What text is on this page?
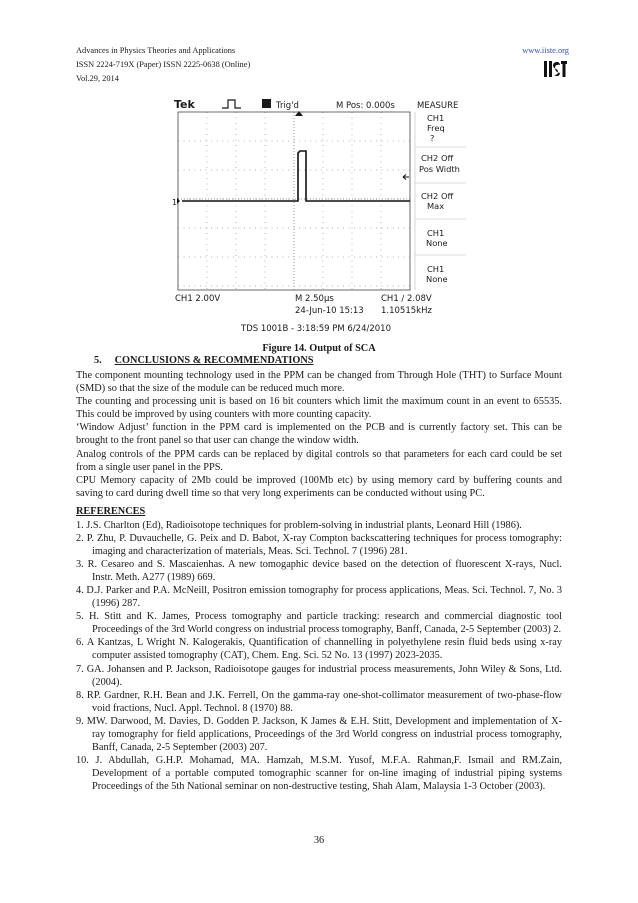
Advances in Physics Theories and Applications
ISSN 2224-719X (Paper) ISSN 2225-0638 (Online)
Vol.29, 2014
www.iiste.org
Tek	Trig'd	M Pos: 0.000s	MEASURE
1
CH1
Freq
?
CH2 Off
Pos Width
CH2 Off
Max
CH1
None
CH1
None
CH1 2.00V	M 2.50µs	CH1 ∕ 2.08V
24-Jun-10 15:13 1.10515kHz
TDS 1001B - 3:18:59 PM 6/24/2010
Figure 14. Output of SCA
5. CONCLUSIONS & RECOMMENDATIONS

The component mounting technology used in the PPM can be changed from Through Hole (THT) to Surface Mount (SMD) so that the size of the module can be reduced much more.

The counting and processing unit is based on 16 bit counters which limit the maximum count in an event to 65535. This could be improved by using counters with more counting capacity.

‘Window Adjust’ function in the PPM card is implemented on the PCB and is currently factory set. This can be brought to the front panel so that user can change the window width.

Analog controls of the PPM cards can be replaced by digital controls so that parameters for each card could be set from a single user panel in the PPS.

CPU Memory capacity of 2Mb could be improved (100Mb etc) by using memory card by buffering counts and saving to card during dwell time so that very long experiments can be conducted without using PC.

REFERENCES

1. J.S. Charlton (Ed), Radioisotope techniques for problem-solving in industrial plants, Leonard Hill (1986).

2. P. Zhu, P. Duvauchelle, G. Peix and D. Babot, X-ray Compton backscattering techniques for process tomography: imaging and characterization of materials, Meas. Sci. Technol. 7 (1996) 281.

3. R. Cesareo and S. Mascaienhas. A new tomogaphic device based on the detection of fluorescent X-rays, Nucl. Instr. Meth. A277 (1989) 669.

4. D.J. Parker and P.A. McNeill, Positron emission tomography for process applications, Meas. Sci. Technol. 7, No. 3 (1996) 287.

5. H. Stitt and K. James, Process tomography and particle tracking: research and commercial diagnostic tool Proceedings of the 3rd World congress on industrial process tomography, Banff, Canada, 2-5 September (2003) 2.

6. A Kantzas, L Wright N. Kalogerakis, Quantification of channelling in polyethylene resin fluid beds using x-ray computer assisted tomography (CAT), Chem. Eng. Sci. 52 No. 13 (1997) 2023-2035.

7. GA. Johansen and P. Jackson, Radioisotope gauges for industrial process measurements, John Wiley & Sons, Ltd. (2004).

8. RP. Gardner, R.H. Bean and J.K. Ferrell, On the gamma-ray one-shot-collimator measurement of two-phase-flow void fractions, Nucl. Appl. Technol. 8 (1970) 88.

9. MW. Darwood, M. Davies, D. Godden P. Jackson, K James & E.H. Stitt, Development and implementation of X-ray tomography for field applications, Proceedings of the 3rd World congress on industrial process tomography, Banff, Canada, 2-5 September (2003) 207.

10. J. Abdullah, G.H.P. Mohamad, MA. Hamzah, M.S.M. Yusof, M.F.A. Rahman,F. Ismail and RM.Zain, Development of a portable computed tomographic scanner for on-line imaging of industrial piping systems Proceedings of the 5th National seminar on non-destructive testing, Shah Alam, Malaysia 1-3 October (2003).

36
